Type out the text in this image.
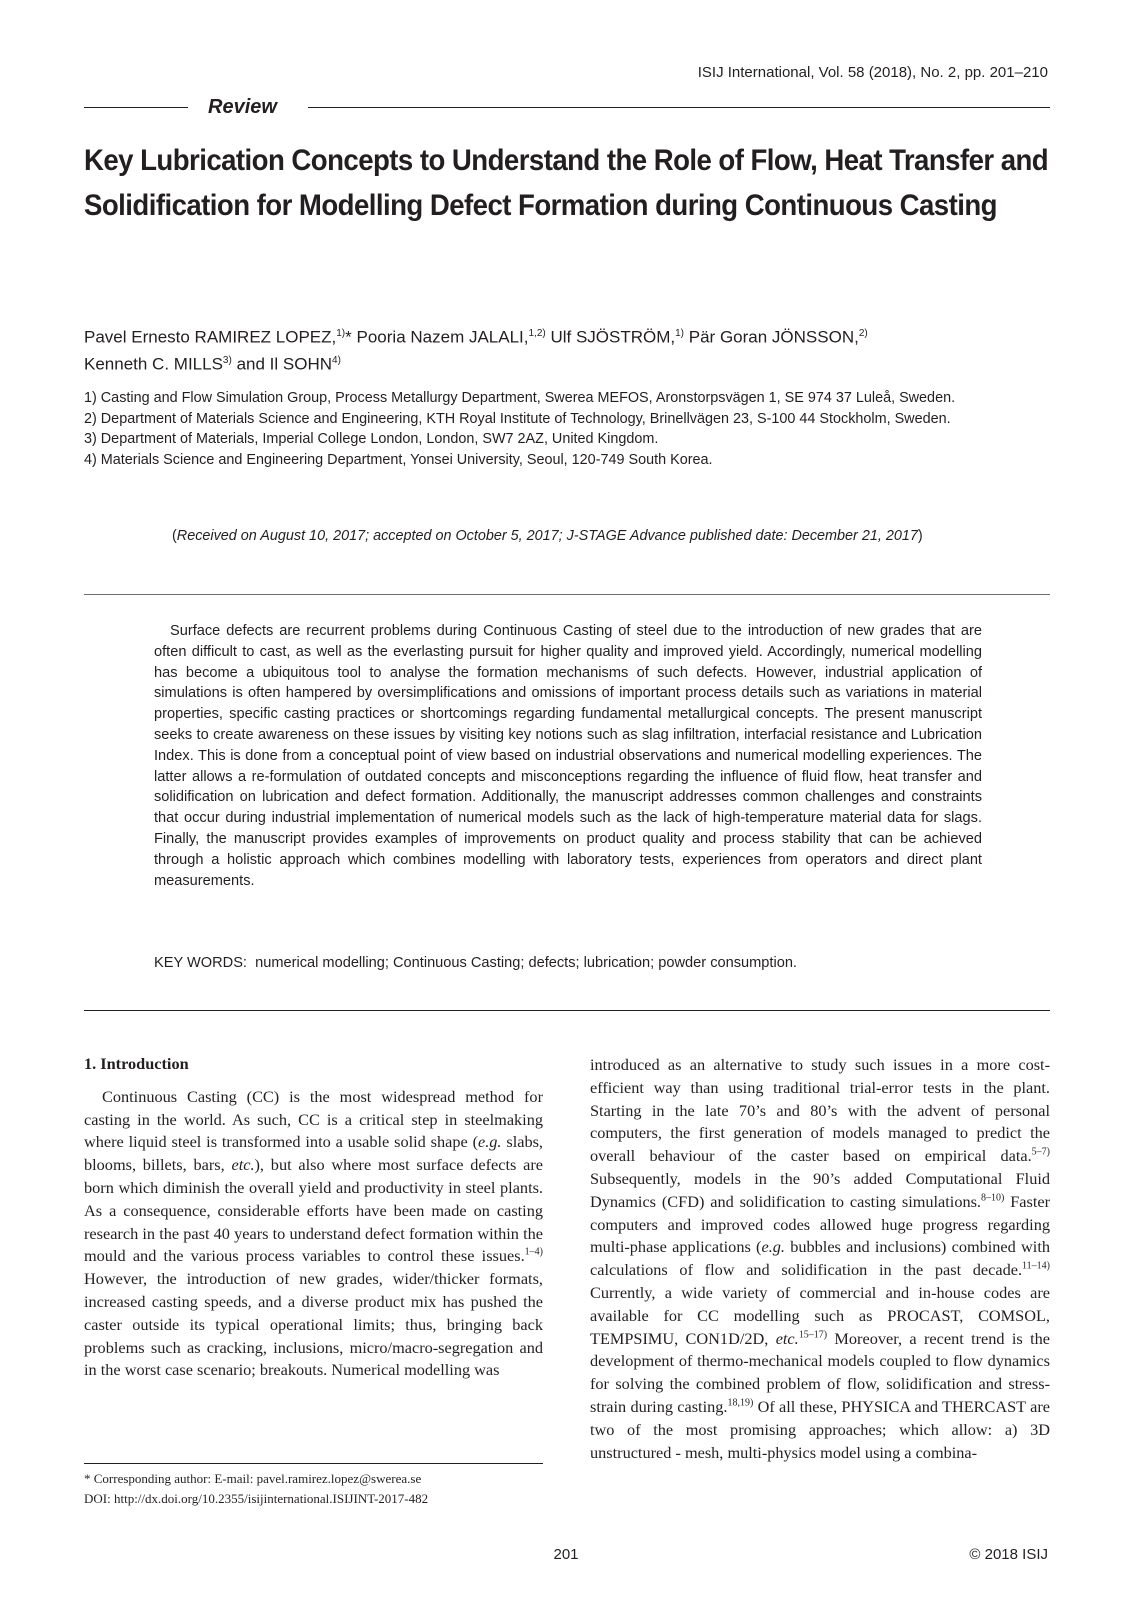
ISIJ International, Vol. 58 (2018), No. 2, pp. 201–210
Review
Key Lubrication Concepts to Understand the Role of Flow, Heat Transfer and Solidification for Modelling Defect Formation during Continuous Casting
Pavel Ernesto RAMIREZ LOPEZ,$^{1)}$* Pooria Nazem JALALI,$^{1,2)}$ Ulf SJÖSTRÖM,$^{1)}$ Pär Goran JÖNSSON,$^{2)}$
Kenneth C. MILLS$^{3)}$ and Il SOHN$^{4)}$
1) Casting and Flow Simulation Group, Process Metallurgy Department, Swerea MEFOS, Aronstorpsvägen 1, SE 974 37 Luleå, Sweden.
2) Department of Materials Science and Engineering, KTH Royal Institute of Technology, Brinellvägen 23, S-100 44 Stockholm, Sweden.
3) Department of Materials, Imperial College London, London, SW7 2AZ, United Kingdom.
4) Materials Science and Engineering Department, Yonsei University, Seoul, 120-749 South Korea.
(Received on August 10, 2017; accepted on October 5, 2017; J-STAGE Advance published date: December 21, 2017)
Surface defects are recurrent problems during Continuous Casting of steel due to the introduction of new grades that are often difficult to cast, as well as the everlasting pursuit for higher quality and improved yield. Accordingly, numerical modelling has become a ubiquitous tool to analyse the formation mechanisms of such defects. However, industrial application of simulations is often hampered by oversimplifications and omissions of important process details such as variations in material properties, specific casting practices or shortcomings regarding fundamental metallurgical concepts. The present manuscript seeks to create awareness on these issues by visiting key notions such as slag infiltration, interfacial resistance and Lubrication Index. This is done from a conceptual point of view based on industrial observations and numerical modelling experiences. The latter allows a re-formulation of outdated concepts and misconceptions regarding the influence of fluid flow, heat transfer and solidification on lubrication and defect formation. Additionally, the manuscript addresses common challenges and constraints that occur during industrial implementation of numerical models such as the lack of high-temperature material data for slags. Finally, the manuscript provides examples of improvements on product quality and process stability that can be achieved through a holistic approach which combines modelling with laboratory tests, experiences from operators and direct plant measurements.
KEY WORDS: numerical modelling; Continuous Casting; defects; lubrication; powder consumption.
1. Introduction

Continuous Casting (CC) is the most widespread method for casting in the world. As such, CC is a critical step in steelmaking where liquid steel is transformed into a usable solid shape (e.g. slabs, blooms, billets, bars, etc.), but also where most surface defects are born which diminish the overall yield and productivity in steel plants. As a consequence, considerable efforts have been made on casting research in the past 40 years to understand defect formation within the mould and the various process variables to control these issues.$^{1-4)}$ However, the introduction of new grades, wider/thicker formats, increased casting speeds, and a diverse product mix has pushed the caster outside its typical operational limits; thus, bringing back problems such as cracking, inclusions, micro/macro-segregation and in the worst case scenario; breakouts. Numerical modelling was

introduced as an alternative to study such issues in a more cost-efficient way than using traditional trial-error tests in the plant. Starting in the late 70’s and 80’s with the advent of personal computers, the first generation of models managed to predict the overall behaviour of the caster based on empirical data.$^{5-7)}$ Subsequently, models in the 90’s added Computational Fluid Dynamics (CFD) and solidification to casting simulations.$^{8-10)}$ Faster computers and improved codes allowed huge progress regarding multi-phase applications (e.g. bubbles and inclusions) combined with calculations of flow and solidification in the past decade.$^{11-14)}$ Currently, a wide variety of commercial and in-house codes are available for CC modelling such as PROCAST, COMSOL, TEMPSIMU, CON1D/2D, etc.$^{15-17)}$ Moreover, a recent trend is the development of thermo-mechanical models coupled to flow dynamics for solving the combined problem of flow, solidification and stress-strain during casting.$^{18,19)}$ Of all these, PHYSICA and THERCAST are two of the most promising approaches; which allow: a) 3D unstructured - mesh, multi-physics model using a combina-

* Corresponding author: E-mail: pavel.ramirez.lopez@swerea.se
DOI: http://dx.doi.org/10.2355/isijinternational.ISIJINT-2017-482
201	© 2018 ISIJ
